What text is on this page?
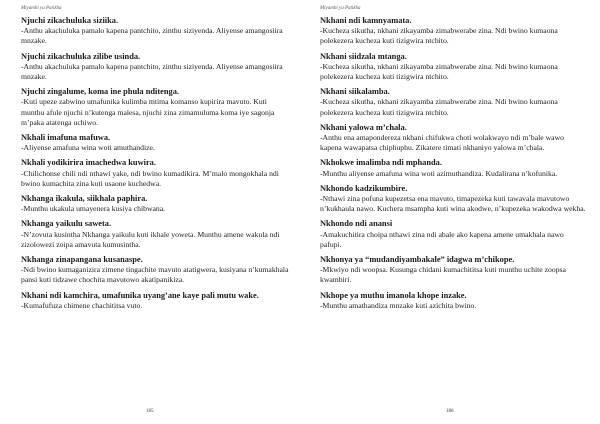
Miyambi ya Patikha

Njuchi zikachuluka siziika.

-Anthu akachuluka pamalo kapena pantchito, zinthu siziyenda. Aliyense amangosiira mnzake.

Njuchi zikachuluka zilibe usinda.

-Anthu akachuluka pamalo kapena pantchito, zinthu siziyenda. Aliyense amangosiira mnzake.

Njuchi zingalume, koma ine phula nditenga.

-Kuti upeze zabwino umafunika kulimba mtima komanso kupirira mavuto. Kuti munthu afule njuchi n’kutenga malesa, njuchi zina zimamuluma koma iye sagonja m’paka atatenga uchiwo.

Nkhali imafuna mafuwa.

-Aliyense amafuna wina woti amuthandize.

Nkhali yodikirira imachedwa kuwira.

-Chilichonse chili ndi nthawi yake, ndi bwino kumadikira. M’malo mongokhala ndi bwino kumachita zina kuti usaone kuchedwa.

Nkhanga ikakula, siikhala paphira.

-Munthu ukakula umayenera kusiya chibwana.

Nkhanga yaikulu saweta.

-N’zovuta kusintha Nkhanga yaikulu kuti ikhale yoweta. Munthu amene wakula ndi zizolowezi zoipa amavuta kumusintha.

Nkhanga zinapangana kusanaspe.

-Ndi bwino kumaganizira zimene tingachite mavuto atatigwera, kusiyana n’kumakhala pansi kuti tidzawe chochita mavutowo akatipanikiza.

Nkhani ndi kamchira, umafunika uyang’ane kaye pali mutu wake.

-Kumafufuza chimene chachititsa vuto.

185
Miyambi ya Patikha

Nkhani ndi kamnyamata.

-Kucheza sikutha, nkhani zikayamba zimabwerabe zina. Ndi bwino kumaona polekezera kucheza kuti tizigwira ntchito.

Nkhani siidzala mtanga.

-Kucheza sikutha, nkhani zikayamba zimabwerabe zina. Ndi bwino kumaona polekezera kucheza kuti tizigwira ntchito.

Nkhani siikalamba.

-Kucheza sikutha, nkhani zikayamba zimabwerabe zina. Ndi bwino kumaona polekezera kucheza kuti tizigwira ntchito.

Nkhani yalowa m’chala.

-Anthu ena amapondereza nkhani chifukwa choti wolakwayo ndi m’bale wawo kapena wawapatsa chiphuphu. Zikatere timati nkhaniyo yalowa m’chala.

Nkhokwe imalimba ndi mphanda.

-Munthu aliyense amafuna wina woti azimuthandiza. Kudalirana n’kofunika.

Nkhondo kadzikumbire.

-Nthawi zina pofuna kupezetsa ena mavuto, timapezeka kuti tawavala mavutowo n’kukhaula nawo. Kuchera msampha kuti wina akodwe, n’kupezeka wakodwa wekha.

Nkhondo ndi anansi

-Amakuchitira choipa nthawi zina ndi abale ako kapena amene umakhala nawo pafupi.

Nkhonya ya “mudandiyambakale” idagwa m’chikope.

-Mkwiyo ndi woopsa. Kusunga chidani kumachititsa kuti munthu uchite zoopsa kwambiri.

Nkhope ya muthu imanola khope inzake.

-Munthu amathandiza mnzake kuti azichita bwino.

186
